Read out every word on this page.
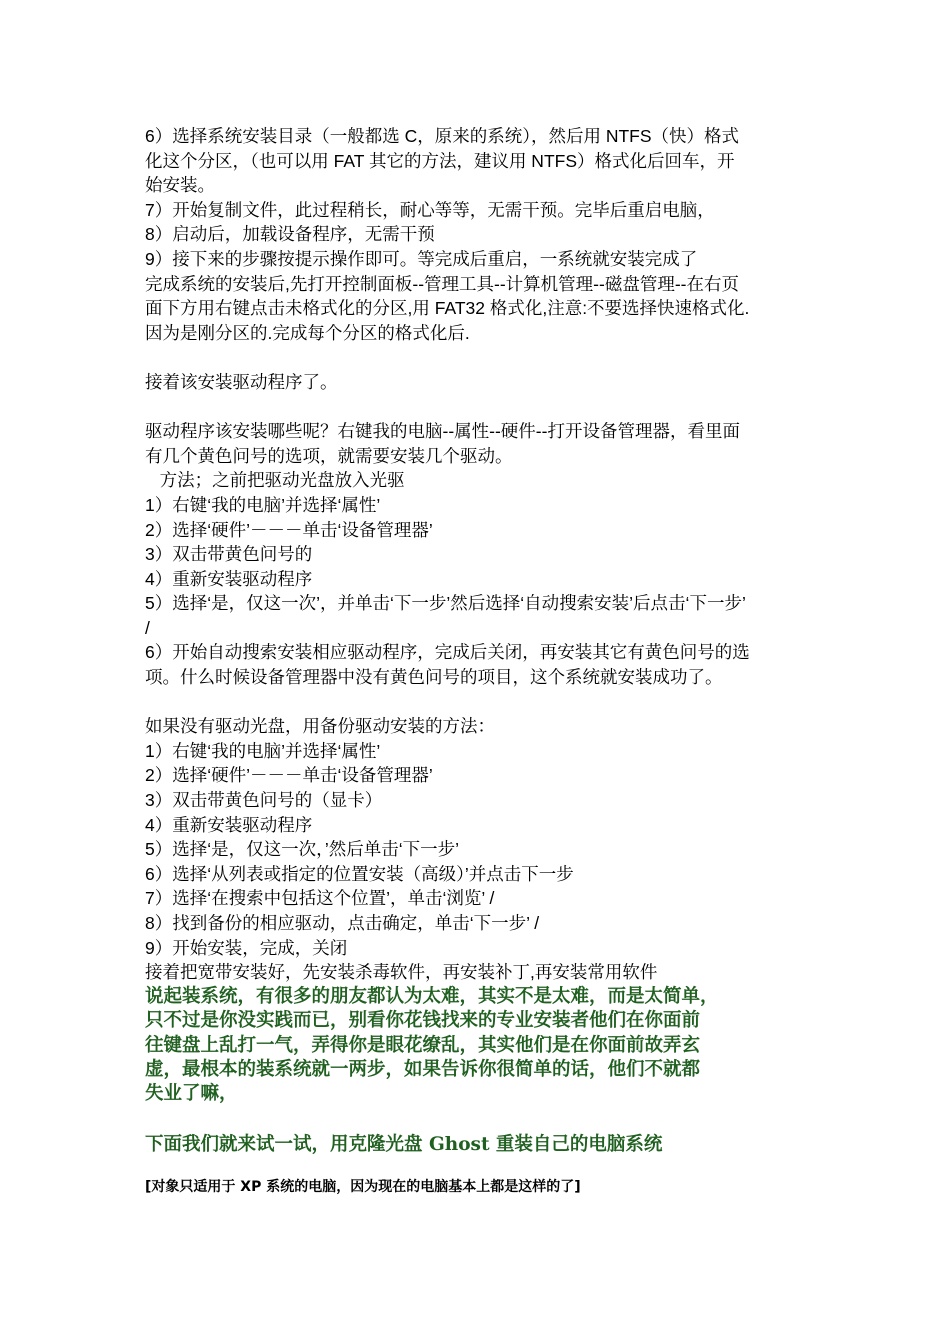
6）选择系统安装目录（一般都选 C，原来的系统），然后用 NTFS（快）格式
化这个分区，（也可以用 FAT 其它的方法，建议用 NTFS）格式化后回车，开
始安装。
7）开始复制文件，此过程稍长，耐心等等，无需干预。完毕后重启电脑，
8）启动后，加载设备程序，无需干预
9）接下来的步骤按提示操作即可。等完成后重启，一系统就安装完成了
完成系统的安装后,先打开控制面板--管理工具--计算机管理--磁盘管理--在右页
面下方用右键点击未格式化的分区,用 FAT32 格式化,注意:不要选择快速格式化.
因为是刚分区的.完成每个分区的格式化后.
接着该安装驱动程序了。
驱动程序该安装哪些呢？右键我的电脑--属性--硬件--打开设备管理器，看里面
有几个黄色问号的选项，就需要安装几个驱动。
方法；之前把驱动光盘放入光驱
1）右键‘我的电脑’并选择‘属性’
2）选择‘硬件’－－－单击‘设备管理器’
3）双击带黄色问号的
4）重新安装驱动程序
5）选择‘是，仅这一次’，并单击‘下一步’然后选择‘自动搜索安装’后点击‘下一步’
/
6）开始自动搜索安装相应驱动程序，完成后关闭，再安装其它有黄色问号的选
项。什么时候设备管理器中没有黄色问号的项目，这个系统就安装成功了。
如果没有驱动光盘，用备份驱动安装的方法：
1）右键‘我的电脑’并选择‘属性’
2）选择‘硬件’－－－单击‘设备管理器’
3）双击带黄色问号的（显卡）
4）重新安装驱动程序
5）选择‘是，仅这一次，’然后单击‘下一步’
6）选择‘从列表或指定的位置安装（高级）’并点击下一步
7）选择‘在搜索中包括这个位置’，单击‘浏览’ /
8）找到备份的相应驱动，点击确定，单击‘下一步’ /
9）开始安装，完成，关闭
接着把宽带安装好，先安装杀毒软件，再安装补丁,再安装常用软件
说起装系统，有很多的朋友都认为太难，其实不是太难，而是太简单，
只不过是你没实践而已，别看你花钱找来的专业安装者他们在你面前
往键盘上乱打一气，弄得你是眼花缭乱，其实他们是在你面前故弄玄
虚，最根本的装系统就一两步，如果告诉你很简单的话，他们不就都
失业了嘛，
下面我们就来试一试，用克隆光盘 Ghost 重装自己的电脑系统
[对象只适用于 XP 系统的电脑，因为现在的电脑基本上都是这样的了]
